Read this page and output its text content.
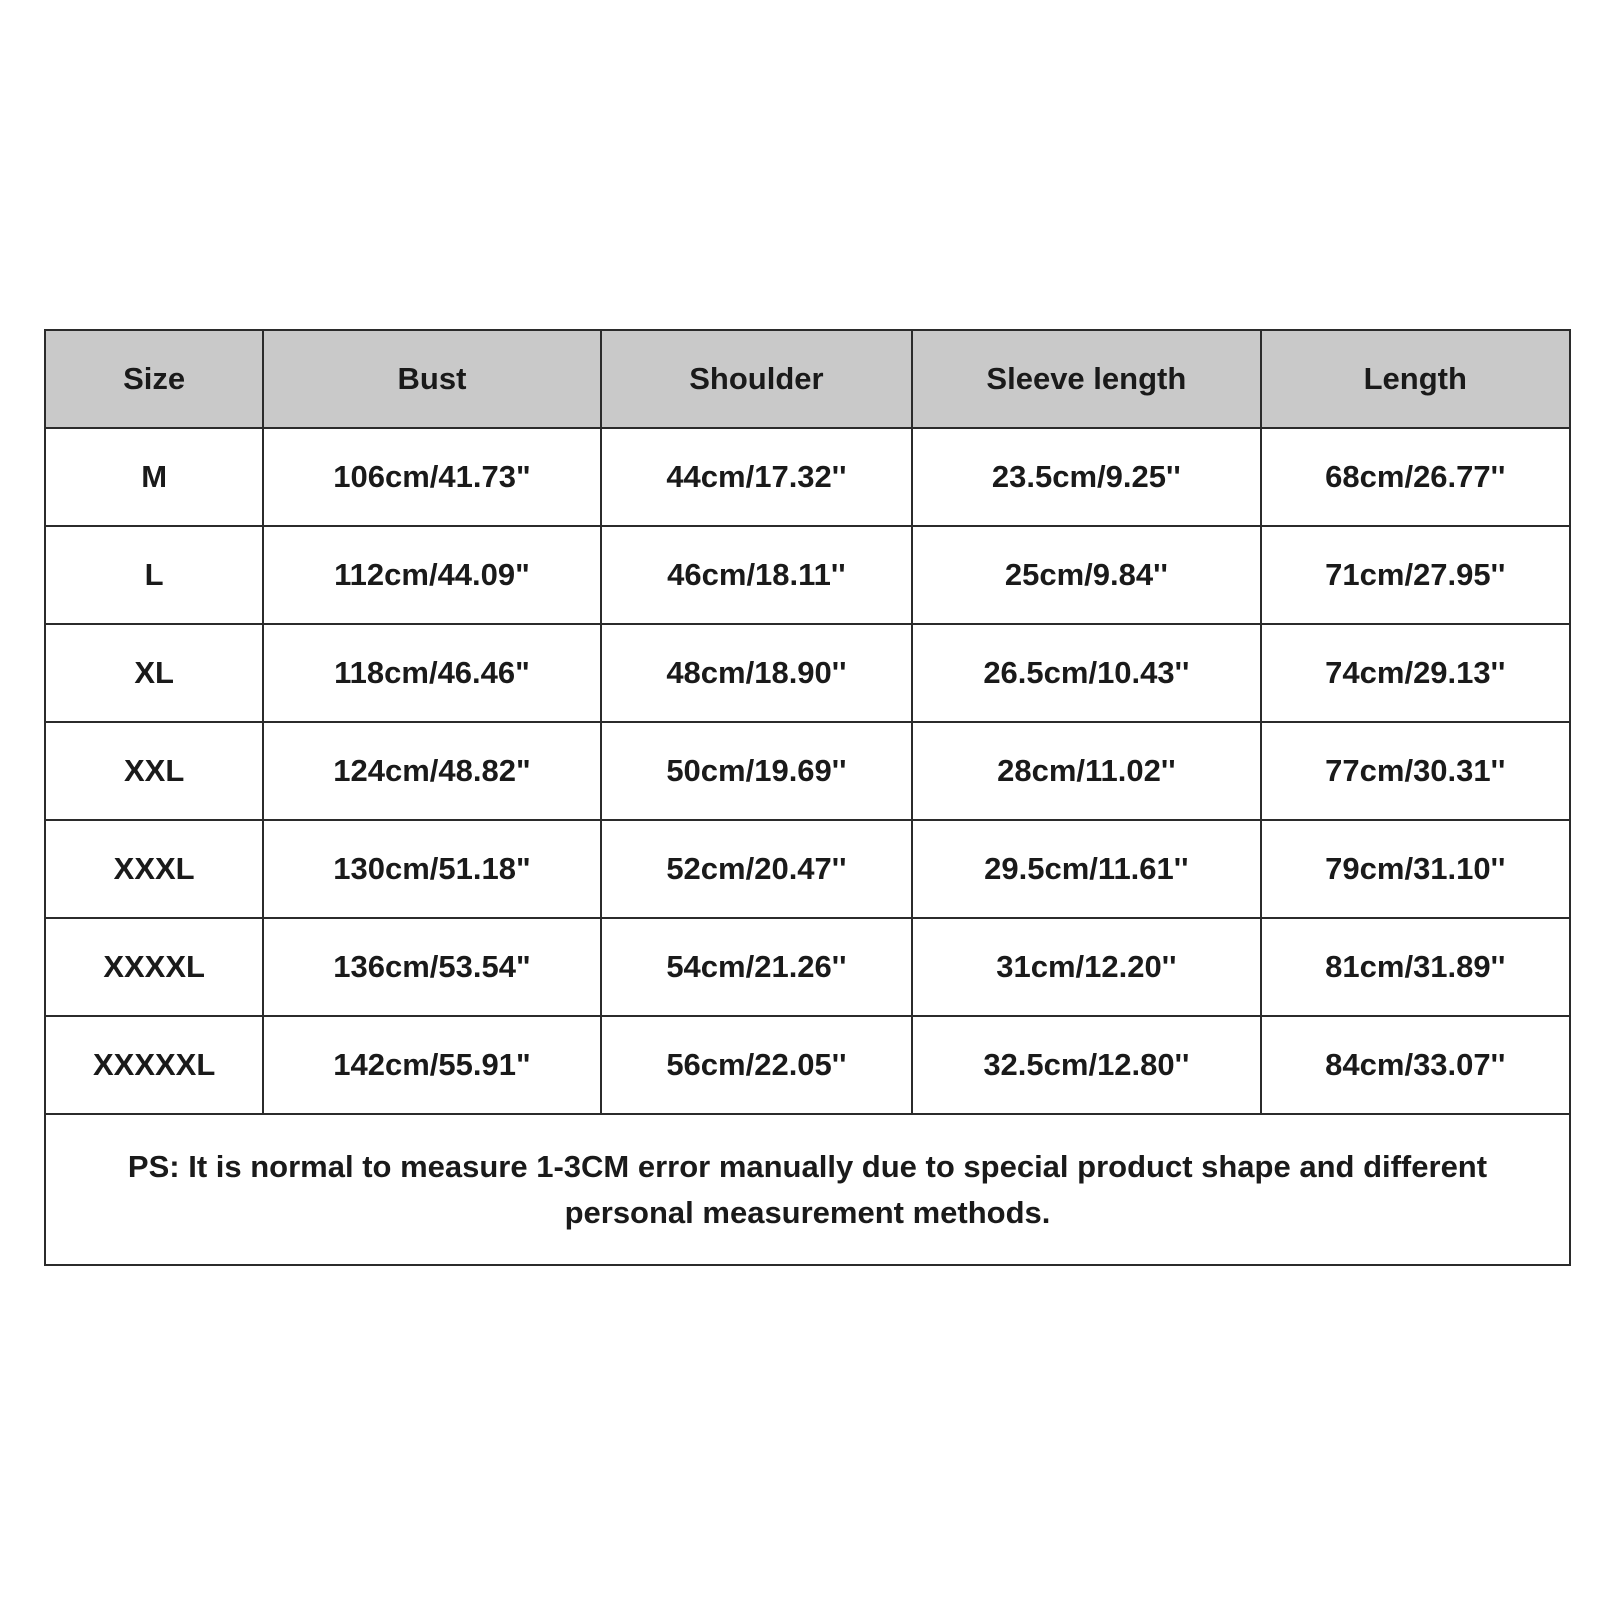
Size	Bust	Shoulder	Sleeve length	Length
M	106cm/41.73"	44cm/17.32''	23.5cm/9.25''	68cm/26.77''
L	112cm/44.09"	46cm/18.11''	25cm/9.84''	71cm/27.95''
XL	118cm/46.46"	48cm/18.90''	26.5cm/10.43''	74cm/29.13''
XXL	124cm/48.82"	50cm/19.69''	28cm/11.02''	77cm/30.31''
XXXL	130cm/51.18"	52cm/20.47''	29.5cm/11.61''	79cm/31.10''
XXXXL	136cm/53.54"	54cm/21.26''	31cm/12.20''	81cm/31.89''
XXXXXL	142cm/55.91"	56cm/22.05''	32.5cm/12.80''	84cm/33.07''
PS: It is normal to measure 1-3CM error manually due to special product shape and different
personal measurement methods.				
